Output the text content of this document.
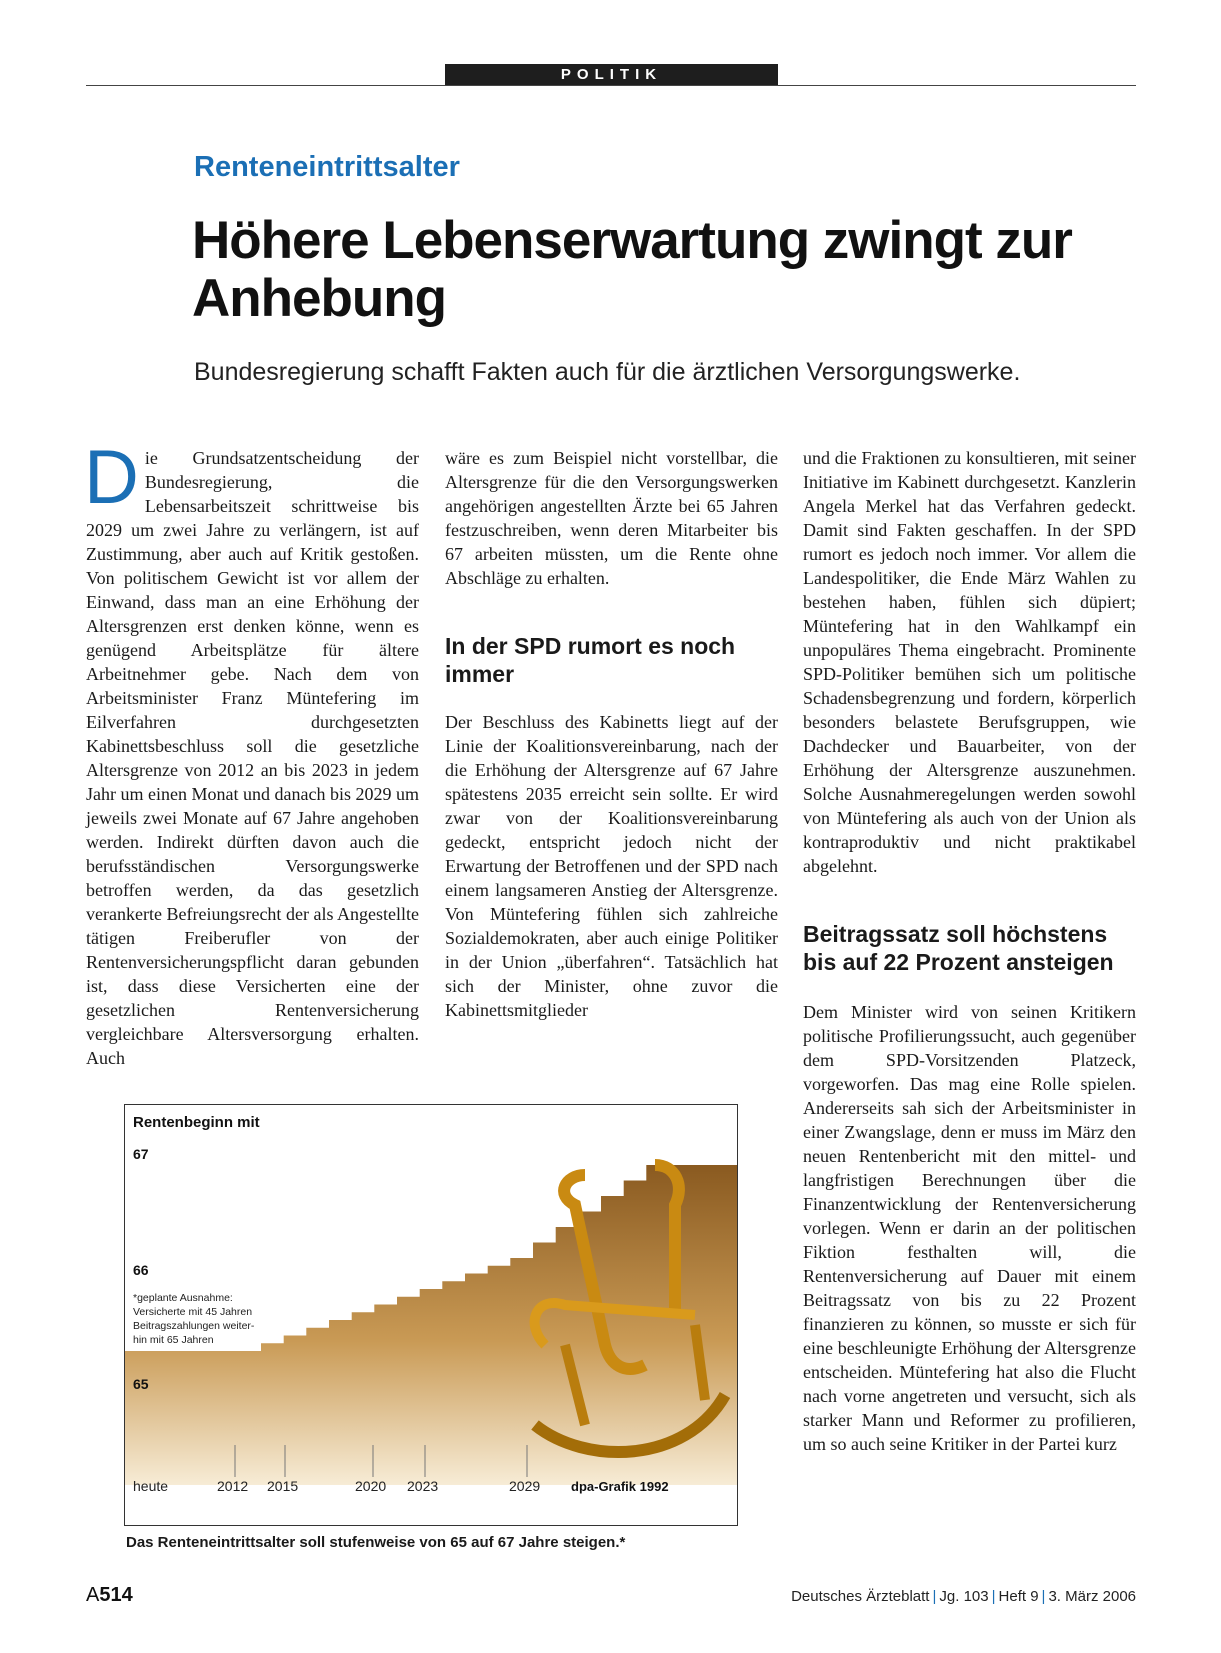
POLITIK
Renteneintrittsalter
Höhere Lebenserwartung zwingt zur Anhebung
Bundesregierung schafft Fakten auch für die ärztlichen Versorgungswerke.
D ie Grundsatzentscheidung der Bundesregierung, die Lebensarbeitszeit schrittweise bis 2029 um zwei Jahre zu verlängern, ist auf Zustimmung, aber auch auf Kritik gestoßen. Von politischem Gewicht ist vor allem der Einwand, dass man an eine Erhöhung der Altersgrenzen erst denken könne, wenn es genügend Arbeitsplätze für ältere Arbeitnehmer gebe. Nach dem von Arbeitsminister Franz Müntefering im Eilverfahren durchgesetzten Kabinettsbeschluss soll die gesetzliche Altersgrenze von 2012 an bis 2023 in jedem Jahr um einen Monat und danach bis 2029 um jeweils zwei Monate auf 67 Jahre angehoben werden. Indirekt dürften davon auch die berufsständischen Versorgungswerke betroffen werden, da das gesetzlich verankerte Befreiungsrecht der als Angestellte tätigen Freiberufler von der Rentenversicherungspflicht daran gebunden ist, dass diese Versicherten eine der gesetzlichen Rentenversicherung vergleichbare Altersversorgung erhalten. Auch

wäre es zum Beispiel nicht vorstellbar, die Altersgrenze für die den Versorgungswerken angehörigen angestellten Ärzte bei 65 Jahren festzuschreiben, wenn deren Mitarbeiter bis 67 arbeiten müssten, um die Rente ohne Abschläge zu erhalten.

In der SPD rumort es noch immer

Der Beschluss des Kabinetts liegt auf der Linie der Koalitionsvereinbarung, nach der die Erhöhung der Altersgrenze auf 67 Jahre spätestens 2035 erreicht sein sollte. Er wird zwar von der Koalitionsvereinbarung gedeckt, entspricht jedoch nicht der Erwartung der Betroffenen und der SPD nach einem langsameren Anstieg der Altersgrenze. Von Müntefering fühlen sich zahlreiche Sozialdemokraten, aber auch einige Politiker in der Union „überfahren“. Tatsächlich hat sich der Minister, ohne zuvor die Kabinettsmitglieder

und die Fraktionen zu konsultieren, mit seiner Initiative im Kabinett durchgesetzt. Kanzlerin Angela Merkel hat das Verfahren gedeckt. Damit sind Fakten geschaffen. In der SPD rumort es jedoch noch immer. Vor allem die Landespolitiker, die Ende März Wahlen zu bestehen haben, fühlen sich düpiert; Müntefering hat in den Wahlkampf ein unpopuläres Thema eingebracht. Prominente SPD-Politiker bemühen sich um politische Schadensbegrenzung und fordern, körperlich besonders belastete Berufsgruppen, wie Dachdecker und Bauarbeiter, von der Erhöhung der Altersgrenze auszunehmen. Solche Ausnahmeregelungen werden sowohl von Müntefering als auch von der Union als kontraproduktiv und nicht praktikabel abgelehnt.

Beitragssatz soll höchstens bis auf 22 Prozent ansteigen

Dem Minister wird von seinen Kritikern politische Profilierungssucht, auch gegenüber dem SPD-Vorsitzenden Platzeck, vorgeworfen. Das mag eine Rolle spielen. Andererseits sah sich der Arbeitsminister in einer Zwangslage, denn er muss im März den neuen Rentenbericht mit den mittel- und langfristigen Berechnungen über die Finanzentwicklung der Rentenversicherung vorlegen. Wenn er darin an der politischen Fiktion festhalten will, die Rentenversicherung auf Dauer mit einem Beitragssatz von bis zu 22 Prozent finanzieren zu können, so musste er sich für eine beschleunigte Erhöhung der Altersgrenze entscheiden. Müntefering hat also die Flucht nach vorne angetreten und versucht, sich als starker Mann und Reformer zu profilieren, um so auch seine Kritiker in der Partei kurz

Rentenbeginn mit
67
66
65
*geplante Ausnahme:
Versicherte mit 45 Jahren
Beitragszahlungen weiter-
hin mit 65 Jahren
heute	2012 2015	2020 2023	2029 dpa-Grafik 1992
Das Renteneintrittsalter soll stufenweise von 65 auf 67 Jahre steigen.*
A514	Deutsches Ärzteblatt | Jg. 103 | Heft 9 | 3. März 2006
